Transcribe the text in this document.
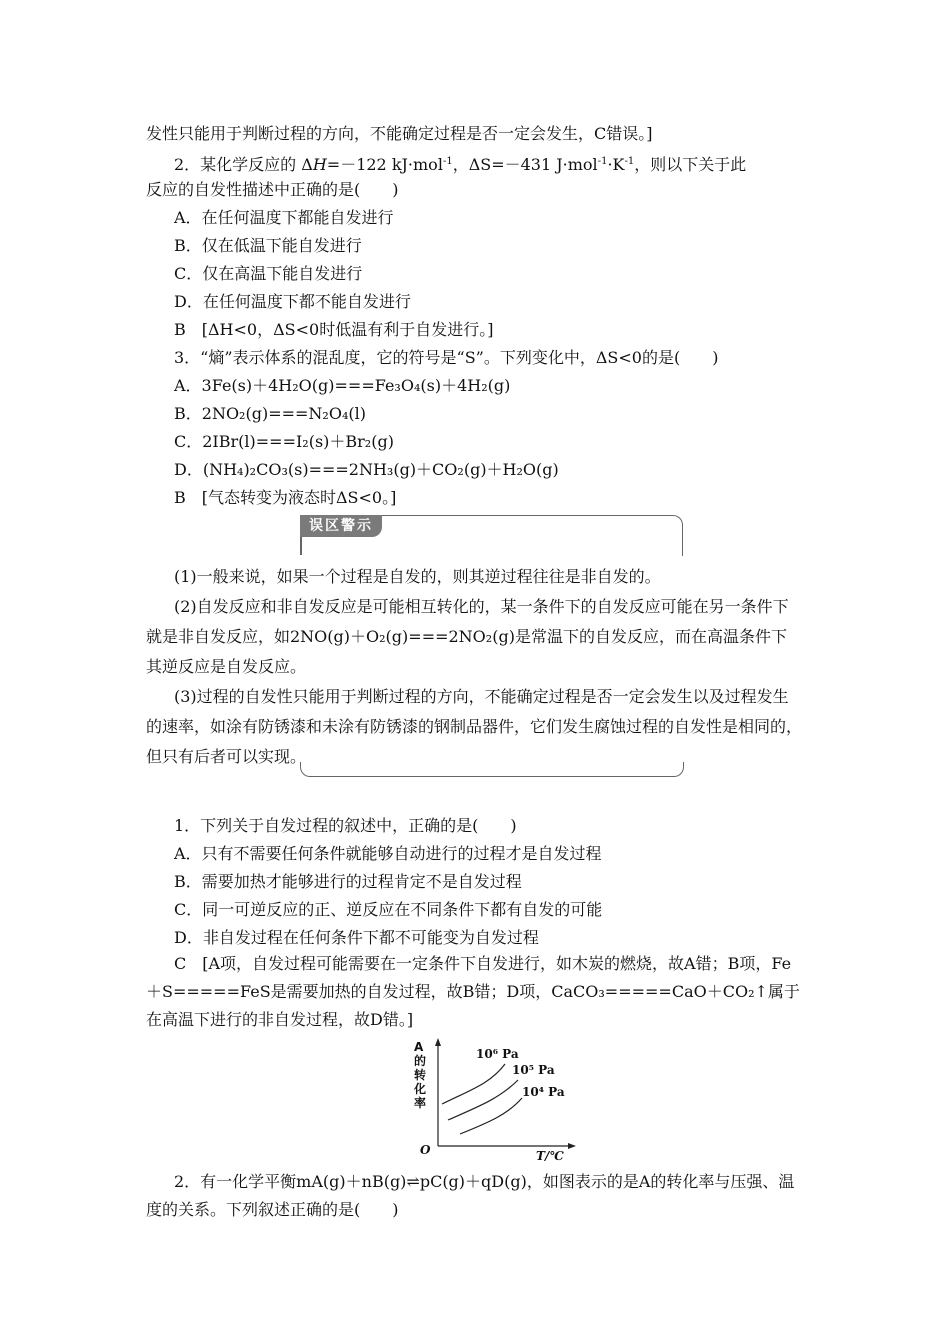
发性只能用于判断过程的方向，不能确定过程是否一定会发生，C错误。]
2．某化学反应的 ΔH=－122 kJ·mol$^{-1}$，ΔS=－431 $J\cdot mol^{-1}\cdot K^{-1}$，则以下关于此
反应的自发性描述中正确的是(　　)
A．在任何温度下都能自发进行
B．仅在低温下能自发进行
C．仅在高温下能自发进行
D．在任何温度下都不能自发进行
B　[ΔH<0，ΔS<0时低温有利于自发进行。]
3．“熵”表示体系的混乱度，它的符号是“S”。下列变化中，ΔS<0的是(　　)
A．3Fe(s)＋4H₂O(g)===Fe₃O₄(s)＋4H₂(g)
B．2NO₂(g)===N₂O₄(l)
C．2IBr(l)===I₂(s)＋Br₂(g)
D．(NH₄)₂CO₃(s)===2NH₃(g)＋CO₂(g)＋H₂O(g)
B　[气态转变为液态时ΔS<0。]
误区警示
(1)一般来说，如果一个过程是自发的，则其逆过程往往是非自发的。
(2)自发反应和非自发反应是可能相互转化的，某一条件下的自发反应可能在另一条件下就是非自发反应，如2NO(g)＋O₂(g)===2NO₂(g)是常温下的自发反应，而在高温条件下其逆反应是自发反应。
(3)过程的自发性只能用于判断过程的方向，不能确定过程是否一定会发生以及过程发生的速率，如涂有防锈漆和未涂有防锈漆的钢制品器件，它们发生腐蚀过程的自发性是相同的，但只有后者可以实现。
1．下列关于自发过程的叙述中，正确的是(　　)
A．只有不需要任何条件就能够自动进行的过程才是自发过程
B．需要加热才能够进行的过程肯定不是自发过程
C．同一可逆反应的正、逆反应在不同条件下都有自发的可能
D．非自发过程在任何条件下都不可能变为自发过程
C　[A项，自发过程可能需要在一定条件下自发进行，如木炭的燃烧，故A错；B项，Fe＋S=====FeS是需要加热的自发过程，故B错；D项，CaCO₃=====CaO＋CO₂↑属于在高温下进行的非自发过程，故D错。]
A的转化率
T/℃
O
10⁶ Pa
10⁵ Pa
10⁴ Pa
2．有一化学平衡mA(g)＋nB(g)⇌pC(g)＋qD(g)，如图表示的是A的转化率与压强、温度的关系。下列叙述正确的是(　　)
